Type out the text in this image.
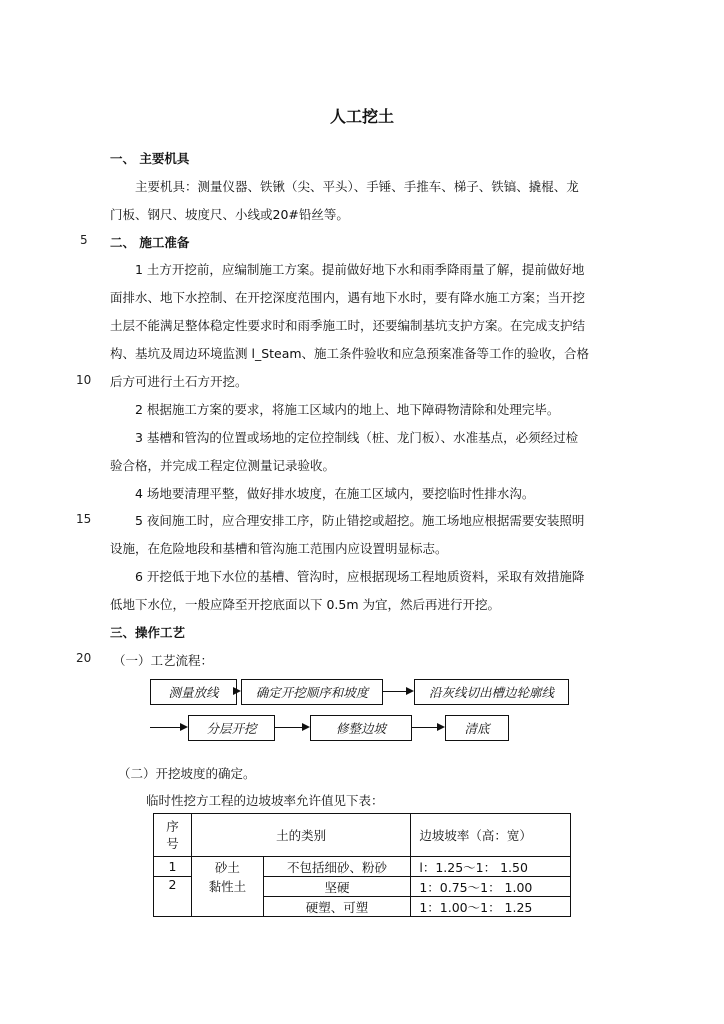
人工挖土
5
10
15
20
一、 主要机具
主要机具：测量仪器、铁锹（尖、平头）、手锤、手推车、梯子、铁镐、撬棍、龙
门板、钢尺、坡度尺、小线或20#铅丝等。
二、 施工准备
1 土方开挖前，应编制施工方案。提前做好地下水和雨季降雨量了解，提前做好地
面排水、地下水控制、在开挖深度范围内，遇有地下水时，要有降水施工方案；当开挖
土层不能满足整体稳定性要求时和雨季施工时，还要编制基坑支护方案。在完成支护结
构、基坑及周边环境监测 l_Steam、施工条件验收和应急预案准备等工作的验收，合格
后方可进行土石方开挖。
2 根据施工方案的要求，将施工区域内的地上、地下障碍物清除和处理完毕。
3 基槽和管沟的位置或场地的定位控制线（桩、龙门板）、水准基点，必须经过检
验合格，并完成工程定位测量记录验收。
4 场地要清理平整，做好排水坡度，在施工区域内，要挖临时性排水沟。
5 夜间施工时，应合理安排工序，防止错挖或超挖。施工场地应根据需要安装照明
设施，在危险地段和基槽和管沟施工范围内应设置明显标志。
6 开挖低于地下水位的基槽、管沟时，应根据现场工程地质资料，采取有效措施降
低地下水位，一般应降至开挖底面以下 0.5m 为宜，然后再进行开挖。
三、操作工艺
（一）工艺流程：
测量放线	确定开挖顺序和坡度	沿灰线切出槽边轮廓线
分层开挖	修整边坡	清底
（二）开挖坡度的确定。
临时性挖方工程的边坡坡率允许值见下表：
序
号	土的类别		边坡坡率（高：宽）
1	砂土	不包括细砂、粉砂	l：1.25～1： 1.50
2	黏性土	坚硬	1：0.75～1： 1.00
		硬塑、可塑	1：1.00～1： 1.25
